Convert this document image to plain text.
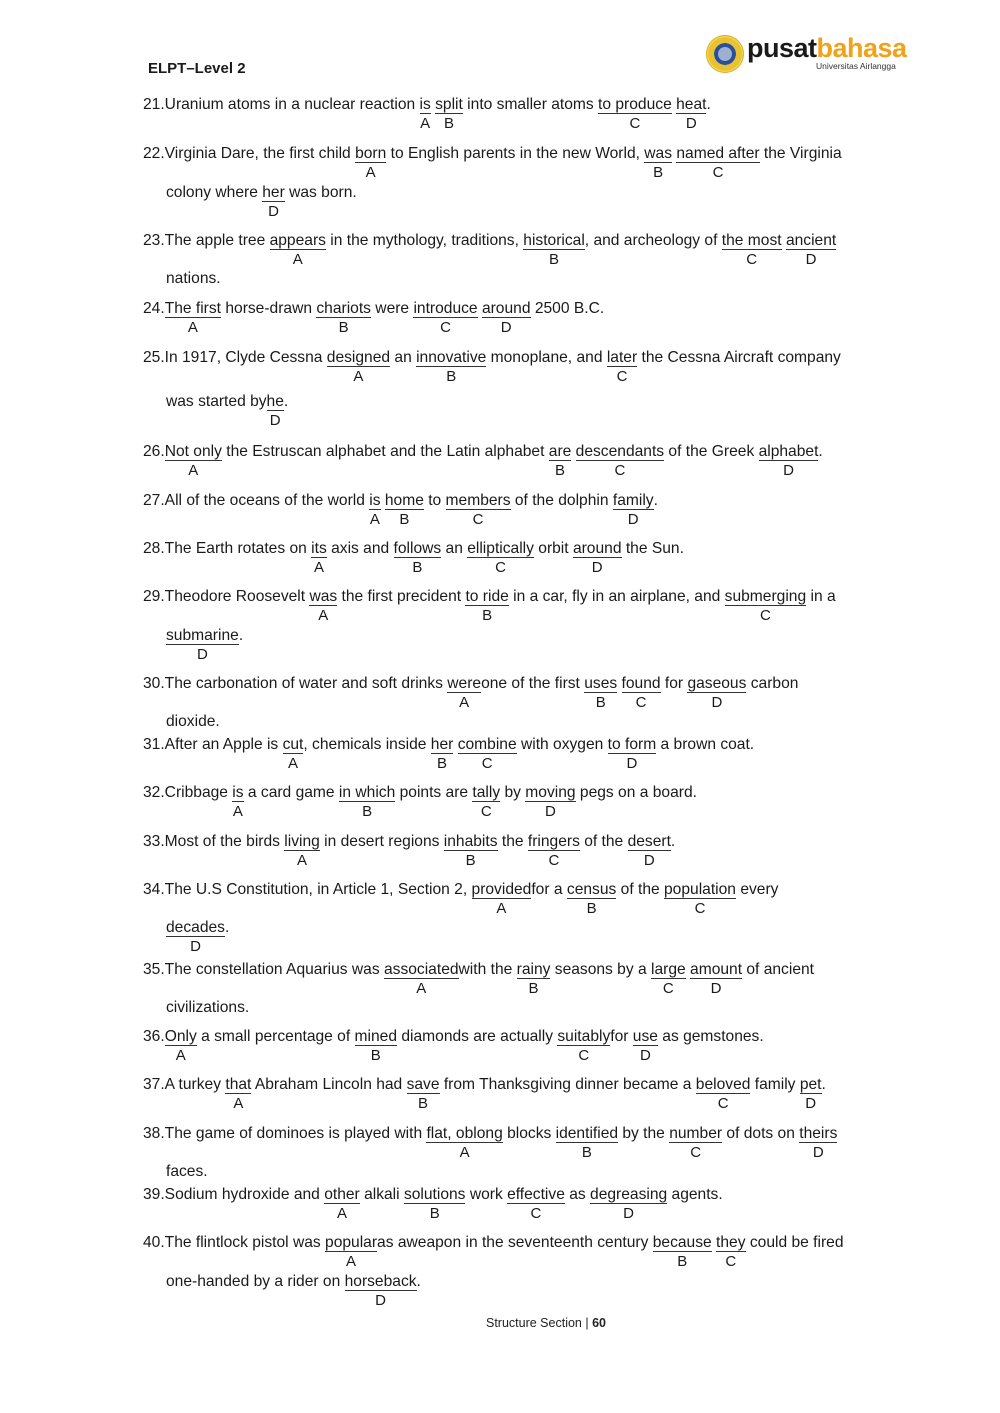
ELPT–Level 2
pusatbahasa
Universitas Airlangga
21.Uranium atoms in a nuclear reaction is
A
split
B
into smaller atoms to produce
C
heat
D
.
22.Virginia Dare, the first child born
A
to English parents in the new World, was
B
named after
C
the Virginia
colony where her
D
was born.
23.The apple tree appears
A
in the mythology, traditions, historical
B
, and archeology of the most
C
ancient
D
nations.
24.The first
A
horse-drawn chariots
B
were introduce
C
around
D
2500 B.C.
25.In 1917, Clyde Cessna designed
A
an innovative
B
monoplane, and later
C
the Cessna Aircraft company
was started byhe
D
.
26.Not only
A
the Estruscan alphabet and the Latin alphabet are
B
descendants
C
of the Greek alphabet
D
.
27.All of the oceans of the world is
A
home
B
to members
C
of the dolphin family
D
.
28.The Earth rotates on its
A
axis and follows
B
an elliptically
C
orbit around
D
the Sun.
29.Theodore Roosevelt was
A
the first precident to ride
B
in a car, fly in an airplane, and submerging
C
in a
submarine
D
.
30.The carbonation of water and soft drinks were
A
one of the first uses
B
found
C
for gaseous
D
carbon
dioxide.
31.After an Apple is cut
A
, chemicals inside her
B
combine
C
with oxygen to form
D
a brown coat.
32.Cribbage is
A
a card game in which
B
points are tally
C
by moving
D
pegs on a board.
33.Most of the birds living
A
in desert regions inhabits
B
the fringers
C
of the desert
D
.
34.The U.S Constitution, in Article 1, Section 2, provided
A
for a census
B
of the population
C
every
decades
D
.
35.The constellation Aquarius was associated
A
with the rainy
B
seasons by a large
C
amount
D
of ancient
civilizations.
36.Only
A
a small percentage of mined
B
diamonds are actually suitably
C
for use
D
as gemstones.
37.A turkey that
A
Abraham Lincoln had save
B
from Thanksgiving dinner became a beloved
C
family pet
D
.
38.The game of dominoes is played with flat, oblong
A
blocks identified
B
by the number
C
of dots on theirs
D
faces.
39.Sodium hydroxide and other
A
alkali solutions
B
work effective
C
as degreasing
D
agents.
40.The flintlock pistol was popular
A
as aweapon in the seventeenth century because
B
they
C
could be fired
one-handed by a rider on horseback
D
.
Structure Section | 60
